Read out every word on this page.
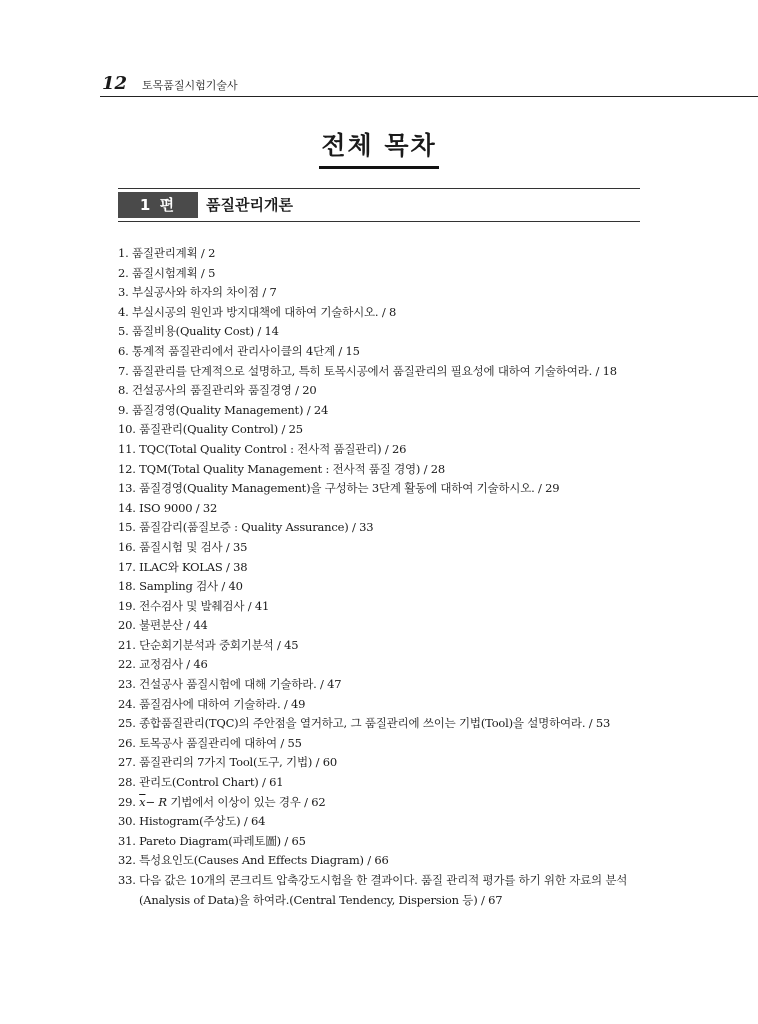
12 토목품질시험기술사
전체 목차
1 편	품질관리개론
1. 품질관리계획 / 2
2. 품질시험계획 / 5
3. 부실공사와 하자의 차이점 / 7
4. 부실시공의 원인과 방지대책에 대하여 기술하시오. / 8
5. 품질비용(Quality Cost) / 14
6. 통계적 품질관리에서 관리사이클의 4단계 / 15
7. 품질관리를 단계적으로 설명하고, 특히 토목시공에서 품질관리의 필요성에 대하여 기술하여라. / 18
8. 건설공사의 품질관리와 품질경영 / 20
9. 품질경영(Quality Management) / 24
10. 품질관리(Quality Control) / 25
11. TQC(Total Quality Control : 전사적 품질관리) / 26
12. TQM(Total Quality Management : 전사적 품질 경영) / 28
13. 품질경영(Quality Management)을 구성하는 3단계 활동에 대하여 기술하시오. / 29
14. ISO 9000 / 32
15. 품질감리(품질보증 : Quality Assurance) / 33
16. 품질시험 및 검사 / 35
17. ILAC와 KOLAS / 38
18. Sampling 검사 / 40
19. 전수검사 및 발췌검사 / 41
20. 불편분산 / 44
21. 단순회기분석과 중회기분석 / 45
22. 교정검사 / 46
23. 건설공사 품질시험에 대해 기술하라. / 47
24. 품질검사에 대하여 기술하라. / 49
25. 종합품질관리(TQC)의 주안점을 열거하고, 그 품질관리에 쓰이는 기법(Tool)을 설명하여라. / 53
26. 토목공사 품질관리에 대하여 / 55
27. 품질관리의 7가지 Tool(도구, 기법) / 60
28. 관리도(Control Chart) / 61
29. $\overline{x}- R$ 기법에서 이상이 있는 경우 / 62
30. Histogram(주상도) / 64
31. Pareto Diagram(파레토圖) / 65
32. 특성요인도(Causes And Effects Diagram) / 66
33. 다음 값은 10개의 콘크리트 압축강도시험을 한 결과이다. 품질 관리적 평가를 하기 위한 자료의 분석
(Analysis of Data)을 하여라.(Central Tendency, Dispersion 등) / 67
